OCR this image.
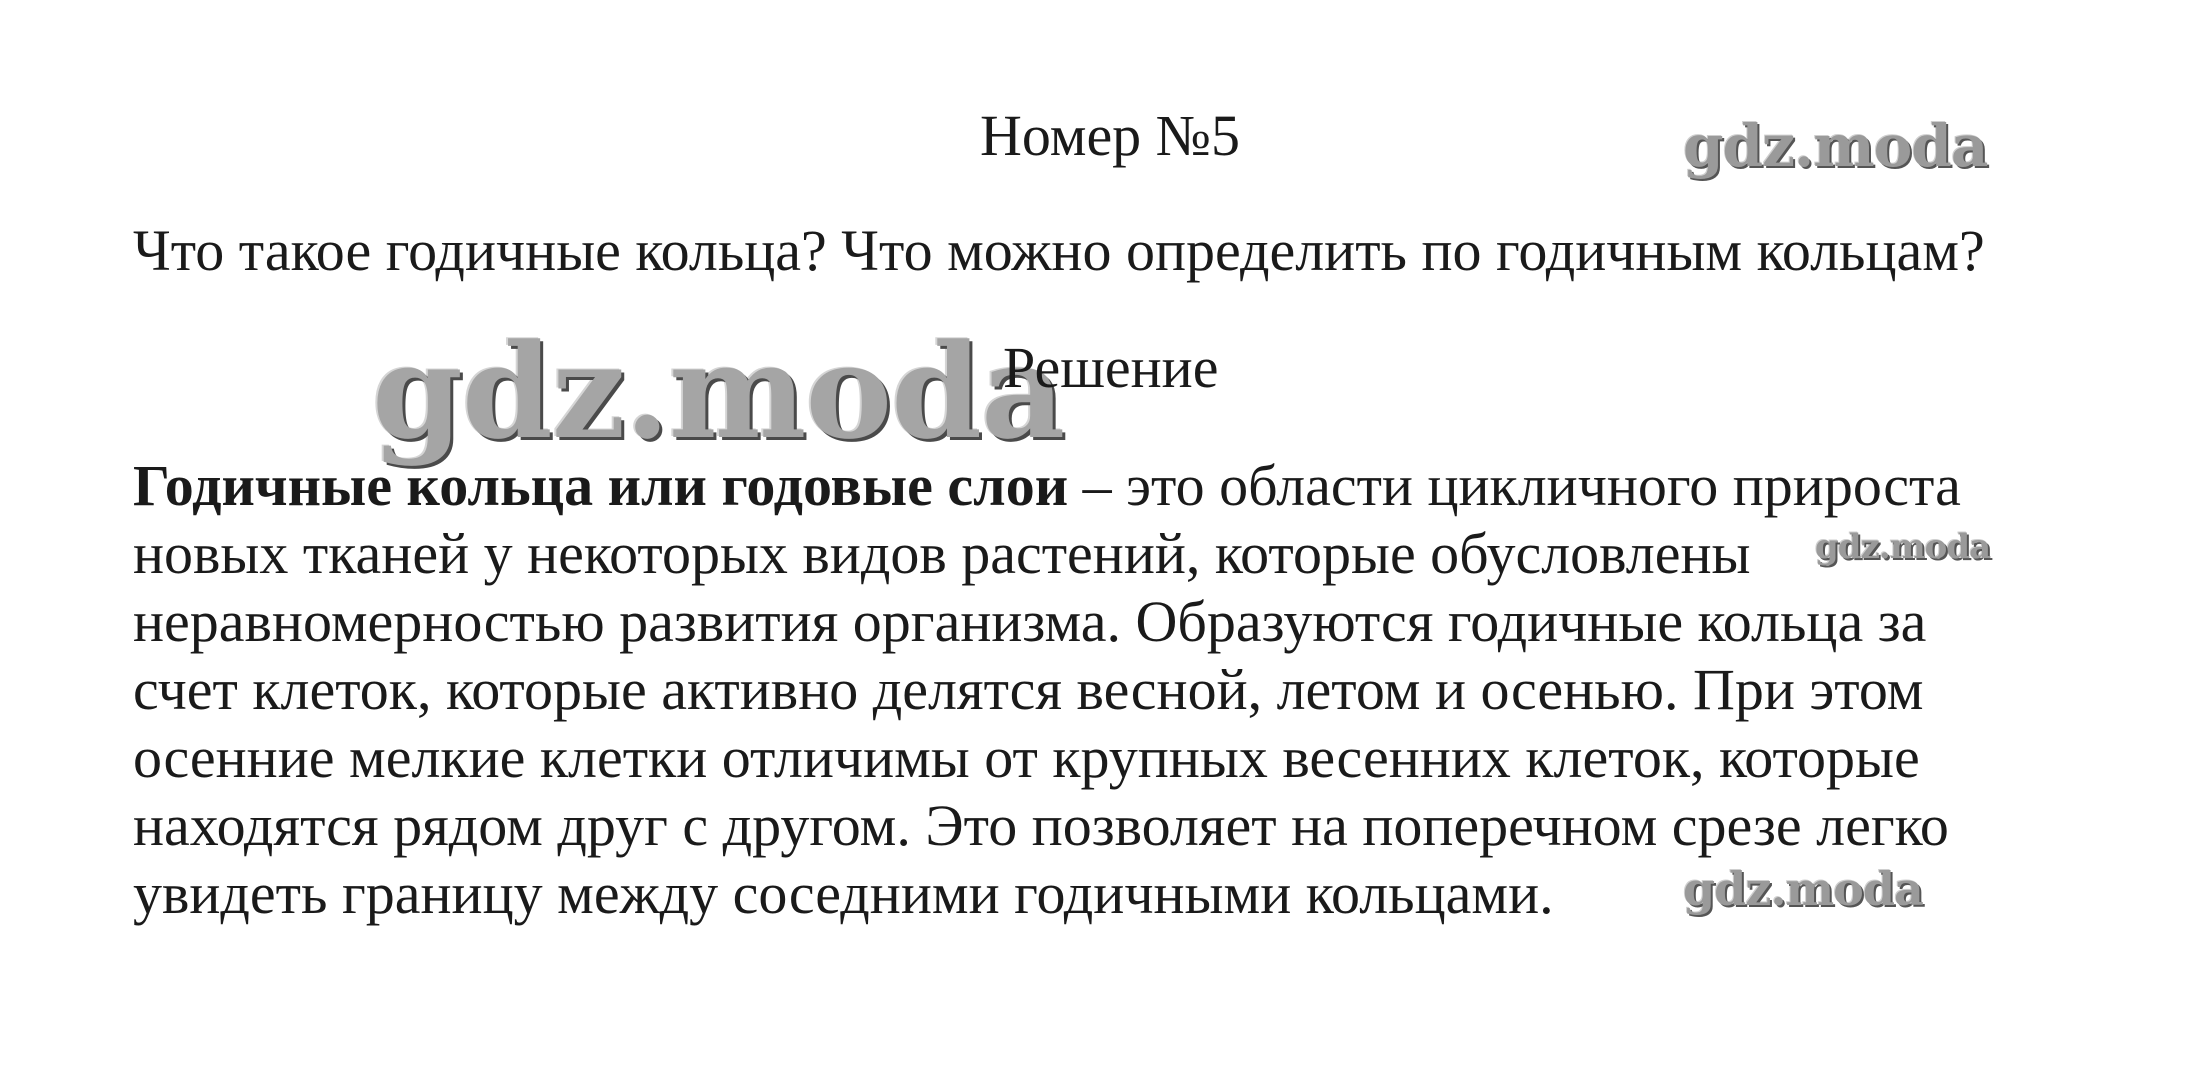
Номер №5	gdz.moda
Что такое годичные кольца? Что можно определить по годичным кольцам?
gdz.moda
Решение
Годичные кольца или годовые слои – это области цикличного прироста
новых тканей у некоторых видов растений, которые обусловлены
неравномерностью развития организма. Образуются годичные кольца за
счет клеток, которые активно делятся весной, летом и осенью. При этом
осенние мелкие клетки отличимы от крупных весенних клеток, которые
находятся рядом друг с другом. Это позволяет на поперечном срезе легко
увидеть границу между соседними годичными кольцами.
gdz.moda
gdz.moda
